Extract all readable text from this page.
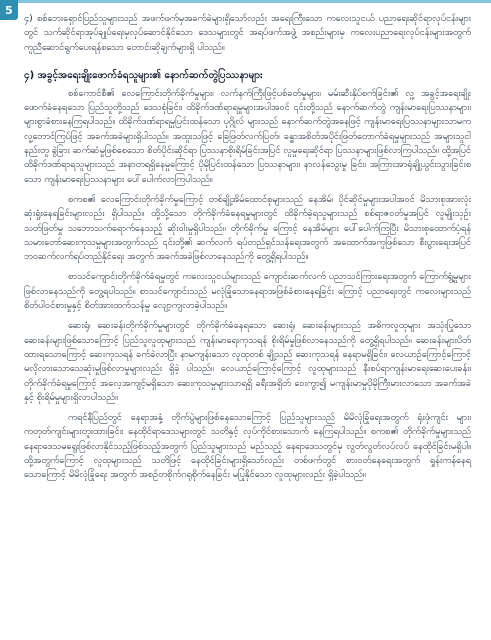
5

၄) စစ်ဘေးရှောင်ပြည်သူများသည် အဖက်ဖက်မှအခက်ခဲများရှိသော်လည်း အရေးကြီးသော ကလေးသူငယ် ပညာရေးဆိုင်ရာလုပ်ငန်းများတွင် သက်ဆိုင်ရာအုပ်ချုပ်ရေးမှလုပ်ဆောင်နိုင်သော ဒေသများတွင် အရပ်ဖက်အဖွဲ့ အစည်းများမှ ကလေးပညာရေးလုပ်ငန်းများအတွက် ကူညီဆောင်ရွက်ပေးရန်စသော တောင်းဆိုချက်များရှိ ပါသည်။

၄) အခွင့်အရေးချိုးဖောက်ခံရသူများ၏ နောက်ဆက်တွဲပြဿနာများ

စစ်ကောင်စီ၏ လေကြောင်းတိုက်ခိုက်မှုများ၊ လက်နက်ကြီးဖြင့်ပစ်ခတ်မှုများ၊ မမ်းဆီးနှိပ်စက်ခြင်း၏ လူ့ အခွင့်အရေးချိုးဖောက်ခံနေရသော ပြည်သူတို့သည် ဒေသစုံခြင်း၊ ထိခိုက်ဒဏ်ရာရမှုများအပါအဝင် ၎င်းတို့သည် နောက်ဆက်တွဲ ကျန်းမာရေးပြဿနာများ၊ များစွာခံစားနေကြရပါသည်။ ထိခိုက်ဒဏ်ရာရမှုပြင်းထန်သော ပုဂ္ဂိုလ် များသည် နောက်ဆက်တွဲအနေဖြင့် ကျန်းမာရေးပြဿနာများသာမက လူ့ဘောင်ကြပ်ဖြင့် အခက်အခဲများရှိပါသည်။ အထူးသဖြင့် ခြေဖြတ်လက်ပြတ်၊ ခန္ဓာအစိတ်အပိုင်းဖြတ်တောက်ခံရမှုများသည် အများသူငါနည်းတူ ခွဲခြား ဆက်ဆံမှုဖြစ်စေသော စိတ်ပိုင်းဆိုင်ရာ ပြဿနာစိုးရိမ်ခြင်းအပြင် လူမှုရေးဆိုင်ရာ ပြဿနာများဖြစ်လာကြပါသည်။ ထို့အပြင် ထိခိုက်ဒဏ်ရာရသူများသည် အနာတရရှိနေမှုကြောင့် ပိုမိုပြင်းထန်သော ပြဿနာများ၊ နာလန်သွေးမှု ခြင်း၊ အကြားအာရုံချို့ယွင်းသွားခြင်းစသော ကျန်းမာရေးပြဿနာများ ပေါ်ပေါက်လာကြပါသည်။

စကစ၏ လေကြောင်းတိုက်ခိုက်မှုကြောင့် တစ်ချို့အိမ်ထောင်စုများသည် နေအိမ်၊ ပိုင်ဆိုင်မှုများအပါအဝင် မိသားစုအားလုံးဆုံးရှုံးနေရခြင်းများလည်း ရှိပါသည်။ ထို့သို့သော တိုက်ခိုက်ခံနေရမှုများတွင် ထိခိုက်ခဲ့ရသူများသည် စစ်ရာဇဝတ်မှုအပြင် လူမျိုးသုဉ်းသတ်ဖြတ်မှု သဘောသက်ရောက်နေသည့် ဆိုးဝါးမှုရှိပါသည်။ တိုက်ခိုက်မှု ကြောင့် နေအိမ်များ ပေါ်ပေါက်ကြပြီး မိသားစုထောက်ပံ့ရန် သမားတော်ဆေးကုသမှုများအတွက်သည် ၎င်းတို့၏ ဆက်လက် ရပ်တည်ရှင်သန်ရေးအတွက် အထောက်အကူဖြစ်သော စီးပွားရေးအပြင် ဘဝဆက်လက်ရပ်တည်နိုင်ရေး အတွက် အခက်အခဲဖြစ်လာနေသည်ကို တွေ့ရှိရပါသည်။

စာသင်ကျောင်းတိုက်ခိုက်ခံရမှုတွင် ကလေးသူငယ်များသည် ကျောင်းဆက်လက် ပညာသင်ကြားရေးအတွက် ကြောက်ရွံ့မှုများ ဖြစ်လာနေသည်ကို တွေ့ရပါသည်။ စာသင်ကျောင်းသည် မလုံခြုံသောနေရာအဖြစ်ခံစားနေရခြင်း ကြောင့် ပညာရေးတွင် ကလေးများသည် စိတ်ပါဝင်စားမှုနှင့် စိတ်အားထက်သန်မှု လျော့ကျလာခဲ့ပါသည်။

ဆေးရုံ၊ ဆေးခန်းတိုက်ခိုက်မှုများတွင် တိုက်ခိုက်ခံနေရသော ဆေးရုံ၊ ဆေးခန်းများသည် အဓိကလူထုများ အသုံးပြုသော ဆေးခန်းများဖြစ်သောကြောင့် ပြည်သူလူထုများသည် ကျန်းမာရေးကုသရန် စိုးရိမ်မှုဖြစ်လာနေသည်ကို တွေ့ရှိရပါသည်။ ဆေးခန်းများပိတ်ထားရသောကြောင့် ဆေးကုသရန် ခက်ခဲလာပြီး နာမကျန်းသော လူထုတစ် ချို့သည် ဆေးကုသရန် နေရာမရှိခြင်း၊ လေယာဉ်ကြောင့်ကြောင့် မလိုလားသောသေဆုံးမှုဖြစ်လာမှုများလည်း ရှိခဲ့ ပါသည်။ လေယာဉ်ကြောင့်ကြောင့် လူထုများသည် နီးစပ်ရာကျန်းမာရေးဆေးပေးခန်း၊ တိုက်ခိုက်ခံရမှုကြောင့် အလေ့အကျင့်မရှိသော ဆေးကုသမှုများသာရရှိ ခရီးအရှိတ် ဝေးကွာ၍ မကျန်းမာမှုပိုမိုကြီးမားလာသော အခက်အခဲနှင့် စိုးရိမ်မှုများရှိလာပါသည်။

ကရင်နီပြည်တွင် နေရာအနှံ့ တိုက်ပွဲများဖြစ်နေသောကြောင့် ပြည်သူများသည် မိမိလုံခြုံရေးအတွက် ရုံးဖုံကျင်း များ၊ ကတုတ်ကျင်းများတူးထားခြင်း၊ နေထိုင်ရာဒေသများတွင် သတိနှင့် လုပ်ကိုင်စားသောက် နေကြရပါသည်။ စကစ၏ တိုက်ခိုက်မှုများသည် နေရာဒေသမရွေးဖြစ်လာနိုင်သည့်ဖြစ်သည့်အတွက် ပြည်သူများသည် မည်သည့် နေရာဒေသတွင်မှ လွတ်လွတ်လပ်လပ် နေထိုင်ခြင်းမရှိပါ။ ထို့အတွက်ကြောင့် လူထုများသည် သတိဖြင့် နေထိုင်ခြင်းများရှိသော်လည်း တစ်ဖက်တွင် စားဝတ်နေရေးအတွက် ရှုန်းကန်နေရသောကြောင့် မိမိလုံခြုံရေး အတွက် အစဉ်တစိုက်ဂရုစိုက်နေခြင်း မပြုနိုင်သော လူထုများလည်း ရှိခဲ့ပါသည်။
